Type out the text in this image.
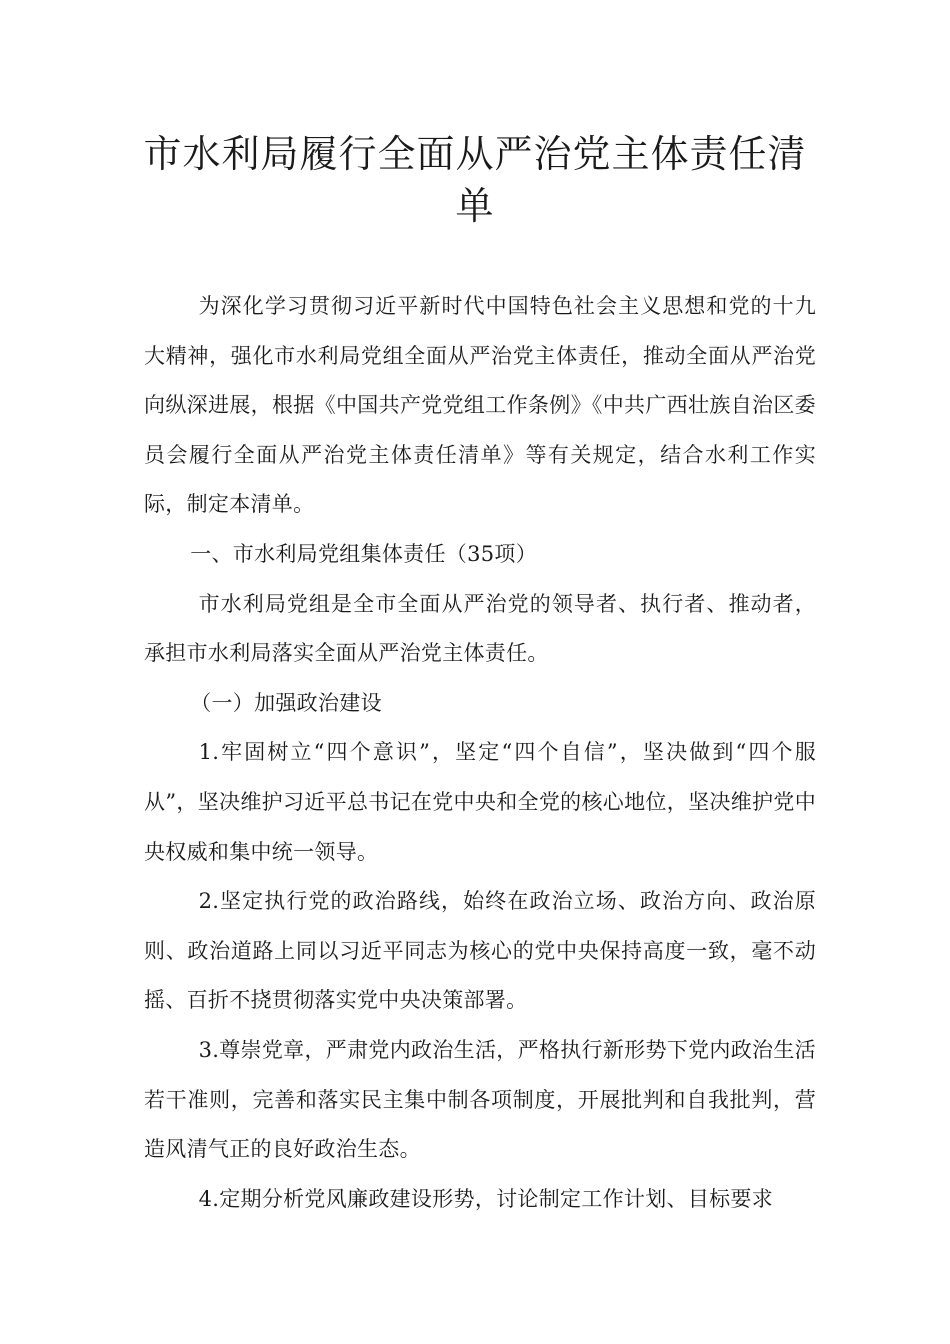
市水利局履行全面从严治党主体责任清单

为深化学习贯彻习近平新时代中国特色社会主义思想和党的十九大精神，强化市水利局党组全面从严治党主体责任，推动全面从严治党向纵深进展，根据《中国共产党党组工作条例》《中共广西壮族自治区委员会履行全面从严治党主体责任清单》等有关规定，结合水利工作实际，制定本清单。

一、市水利局党组集体责任（35项）

市水利局党组是全市全面从严治党的领导者、执行者、推动者，承担市水利局落实全面从严治党主体责任。

（一）加强政治建设

1.牢固树立“四个意识”，坚定“四个自信”，坚决做到“四个服从”，坚决维护习近平总书记在党中央和全党的核心地位，坚决维护党中央权威和集中统一领导。

2.坚定执行党的政治路线，始终在政治立场、政治方向、政治原则、政治道路上同以习近平同志为核心的党中央保持高度一致，毫不动摇、百折不挠贯彻落实党中央决策部署。

3.尊崇党章，严肃党内政治生活，严格执行新形势下党内政治生活若干准则，完善和落实民主集中制各项制度，开展批判和自我批判，营造风清气正的良好政治生态。

4.定期分析党风廉政建设形势，讨论制定工作计划、目标要求
